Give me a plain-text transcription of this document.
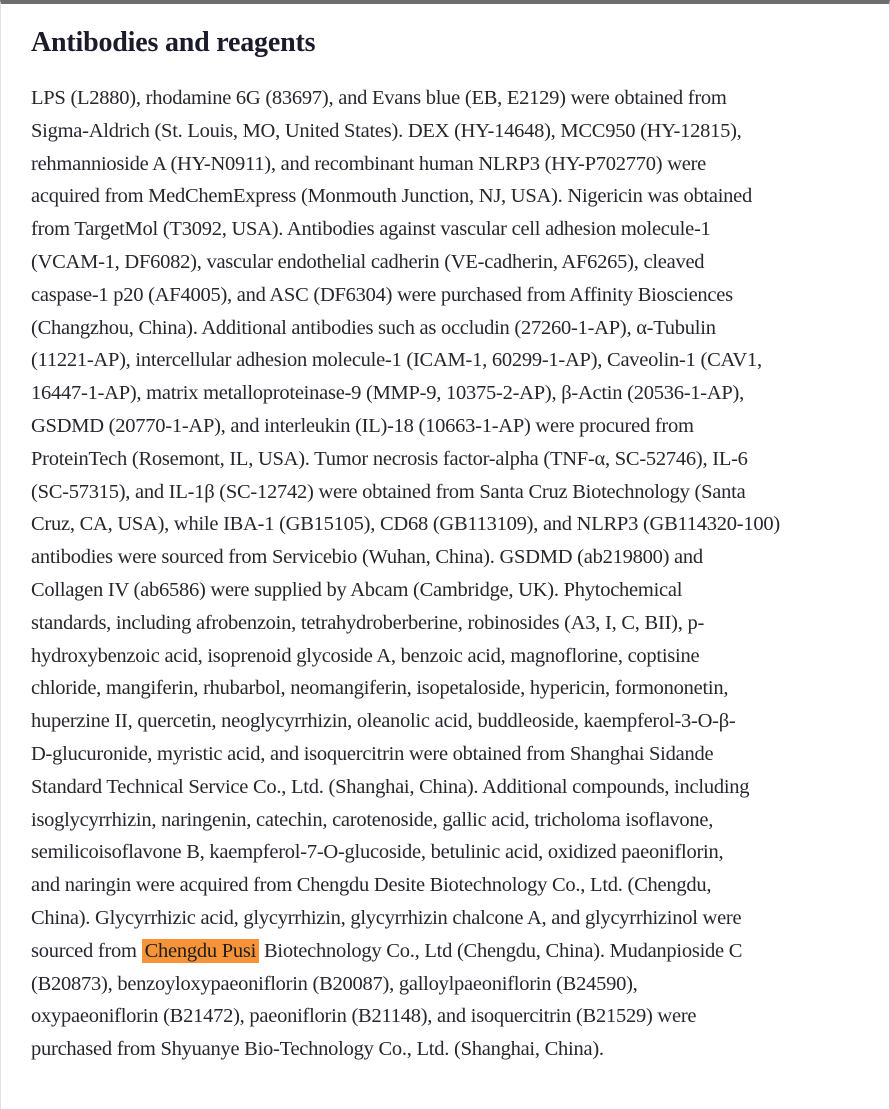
Antibodies and reagents
LPS (L2880), rhodamine 6G (83697), and Evans blue (EB, E2129) were obtained from
Sigma-Aldrich (St. Louis, MO, United States). DEX (HY-14648), MCC950 (HY-12815),
rehmannioside A (HY-N0911), and recombinant human NLRP3 (HY-P702770) were
acquired from MedChemExpress (Monmouth Junction, NJ, USA). Nigericin was obtained
from TargetMol (T3092, USA). Antibodies against vascular cell adhesion molecule-1
(VCAM-1, DF6082), vascular endothelial cadherin (VE-cadherin, AF6265), cleaved
caspase-1 p20 (AF4005), and ASC (DF6304) were purchased from Affinity Biosciences
(Changzhou, China). Additional antibodies such as occludin (27260-1-AP), α-Tubulin
(11221-AP), intercellular adhesion molecule-1 (ICAM-1, 60299-1-AP), Caveolin-1 (CAV1,
16447-1-AP), matrix metalloproteinase-9 (MMP-9, 10375-2-AP), β-Actin (20536-1-AP),
GSDMD (20770-1-AP), and interleukin (IL)-18 (10663-1-AP) were procured from
ProteinTech (Rosemont, IL, USA). Tumor necrosis factor-alpha (TNF-α, SC-52746), IL-6
(SC-57315), and IL-1β (SC-12742) were obtained from Santa Cruz Biotechnology (Santa
Cruz, CA, USA), while IBA-1 (GB15105), CD68 (GB113109), and NLRP3 (GB114320-100)
antibodies were sourced from Servicebio (Wuhan, China). GSDMD (ab219800) and
Collagen IV (ab6586) were supplied by Abcam (Cambridge, UK). Phytochemical
standards, including afrobenzoin, tetrahydroberberine, robinosides (A3, I, C, BII), p-
hydroxybenzoic acid, isoprenoid glycoside A, benzoic acid, magnoflorine, coptisine
chloride, mangiferin, rhubarbol, neomangiferin, isopetaloside, hypericin, formononetin,
huperzine II, quercetin, neoglycyrrhizin, oleanolic acid, buddleoside, kaempferol-3-O-β-
D-glucuronide, myristic acid, and isoquercitrin were obtained from Shanghai Sidande
Standard Technical Service Co., Ltd. (Shanghai, China). Additional compounds, including
isoglycyrrhizin, naringenin, catechin, carotenoside, gallic acid, tricholoma isoflavone,
semilicoisoflavone B, kaempferol-7-O-glucoside, betulinic acid, oxidized paeoniflorin,
and naringin were acquired from Chengdu Desite Biotechnology Co., Ltd. (Chengdu,
China). Glycyrrhizic acid, glycyrrhizin, glycyrrhizin chalcone A, and glycyrrhizinol were
sourced from Chengdu Pusi Biotechnology Co., Ltd (Chengdu, China). Mudanpioside C
(B20873), benzoyloxypaeoniflorin (B20087), galloylpaeoniflorin (B24590),
oxypaeoniflorin (B21472), paeoniflorin (B21148), and isoquercitrin (B21529) were
purchased from Shyuanye Bio-Technology Co., Ltd. (Shanghai, China).
